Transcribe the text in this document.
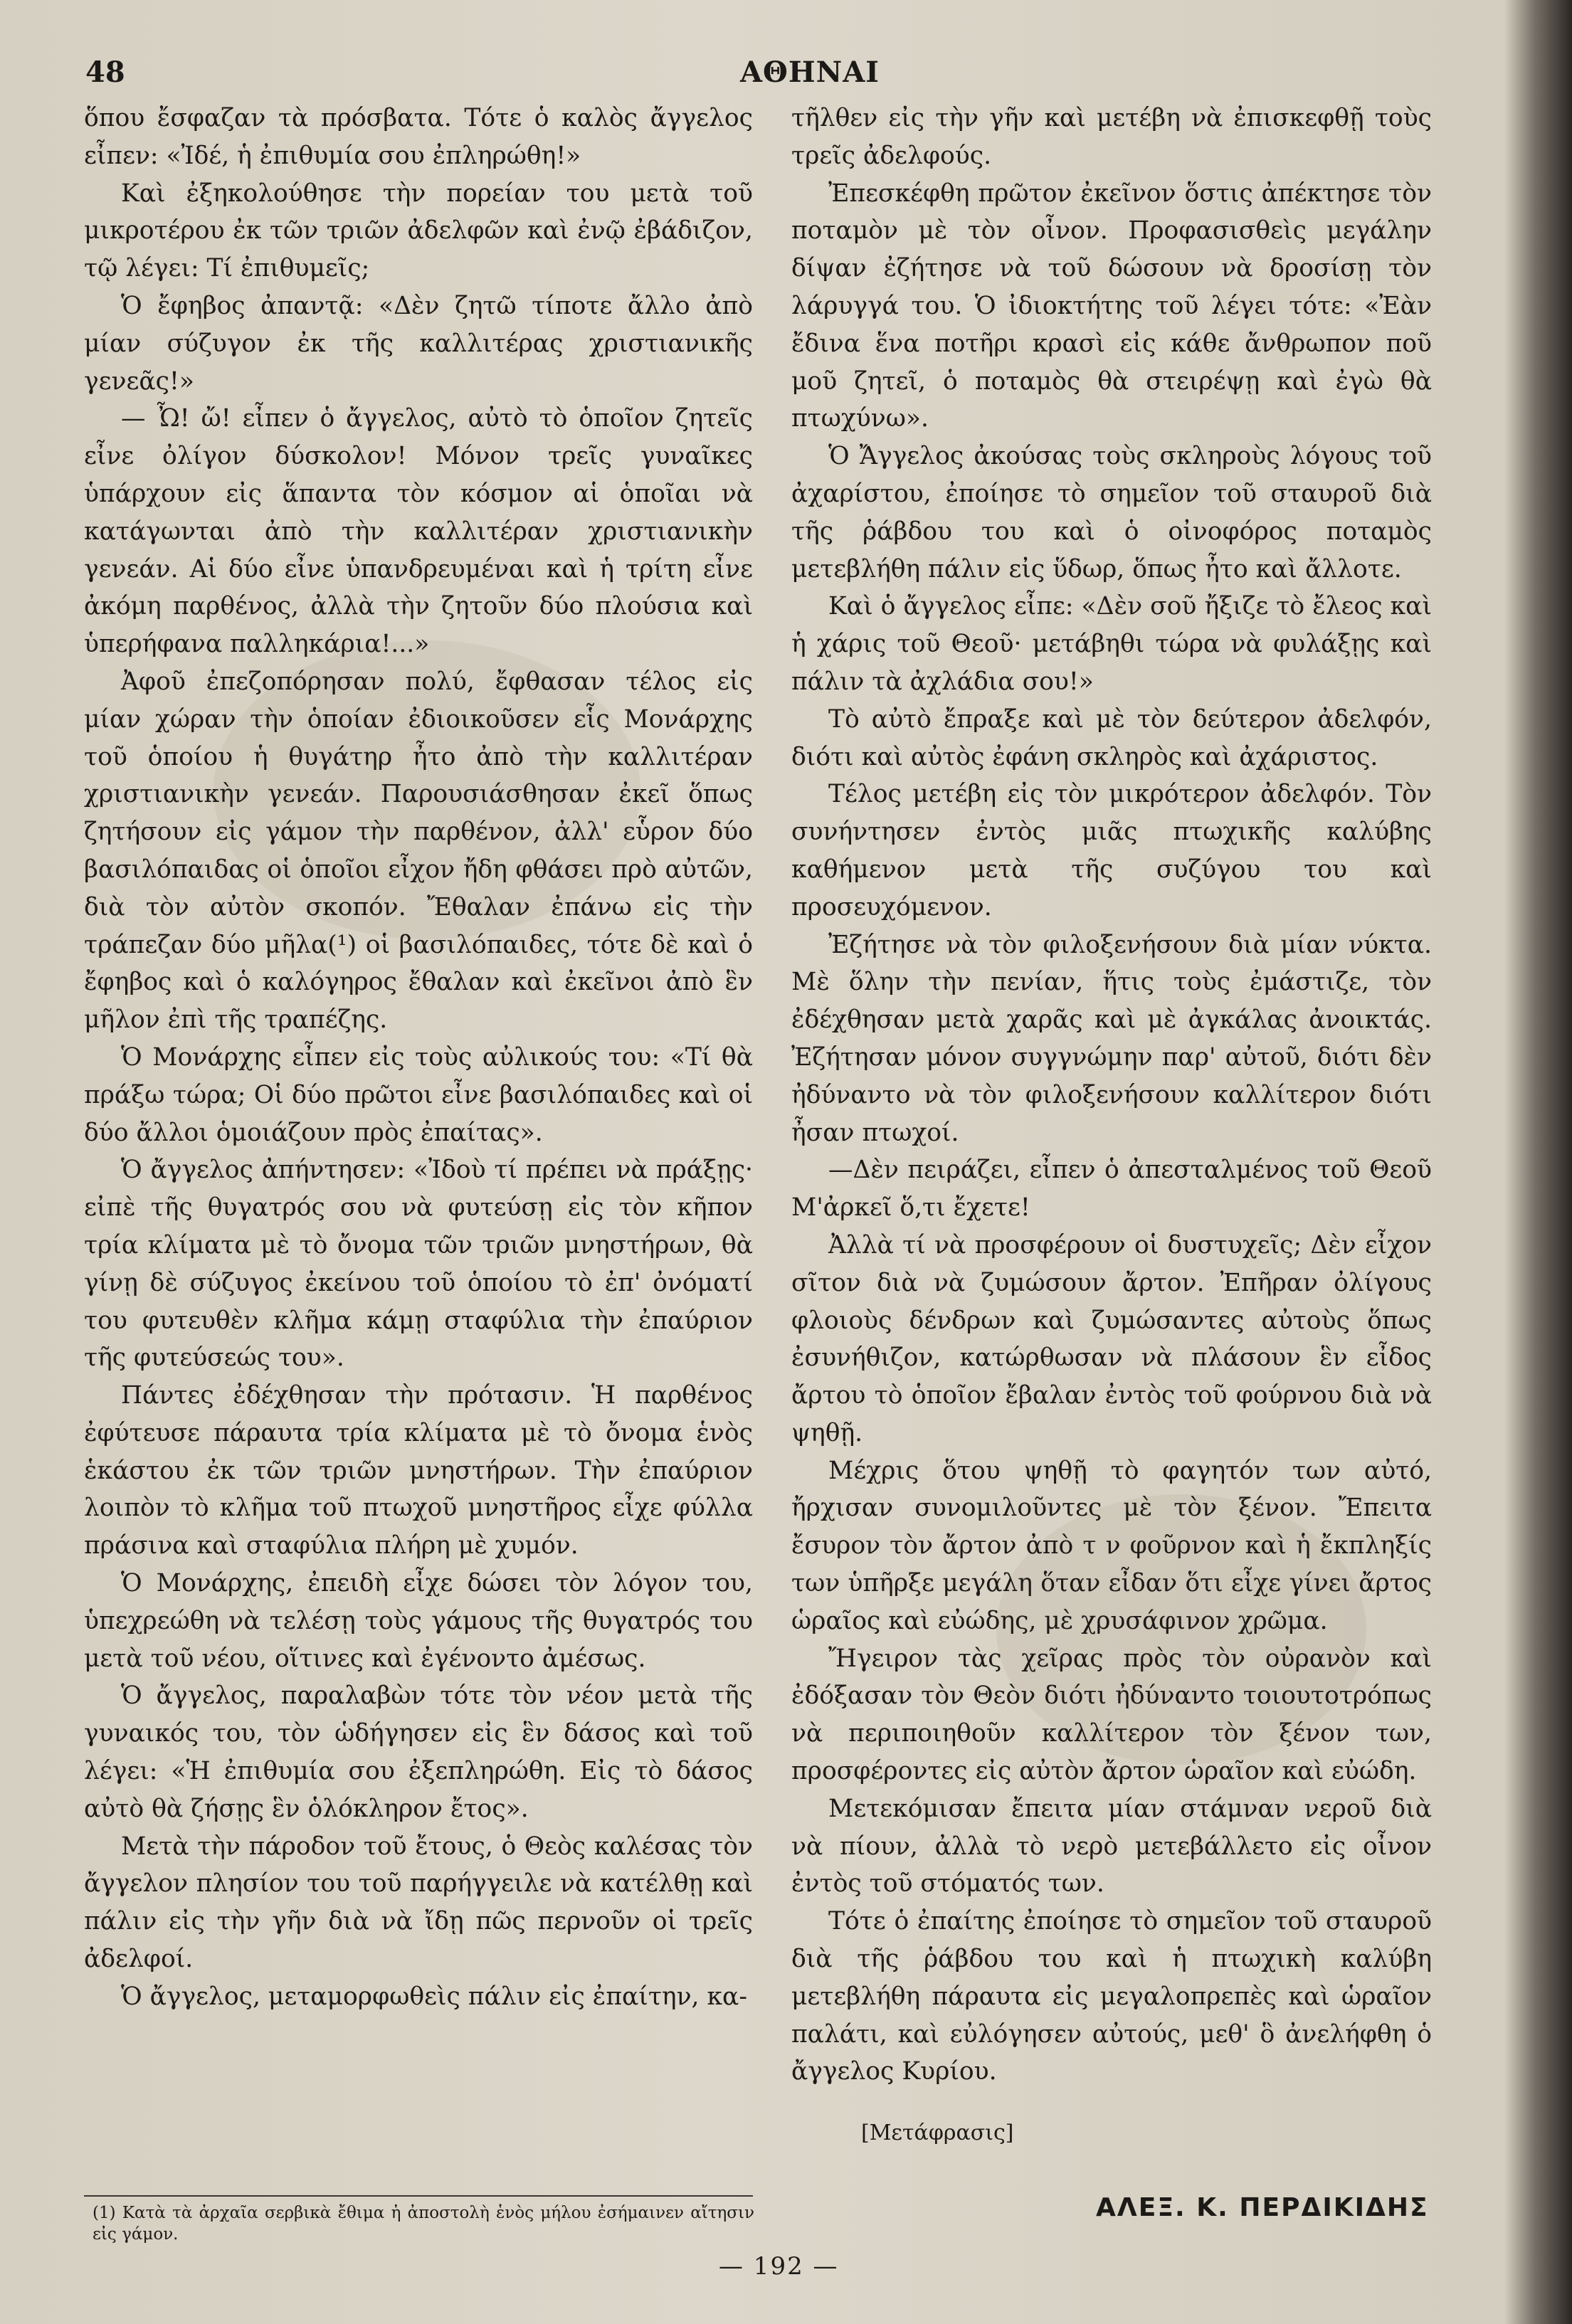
48	ΑΘΗΝΑΙ

ὅπου ἔσφαζαν τὰ πρόσβατα. Τότε ὁ καλὸς ἄγγελος εἶπεν: «Ἰδέ, ἡ ἐπιθυμία σου ἐπληρώθη!»

Καὶ ἐξηκολούθησε τὴν πορείαν του μετὰ τοῦ μικροτέρου ἐκ τῶν τριῶν ἀδελφῶν καὶ ἐνῷ ἐβάδιζον, τῷ λέγει: Τί ἐπιθυμεῖς;

Ὁ ἔφηβος ἀπαντᾷ: «Δὲν ζητῶ τίποτε ἄλλο ἀπὸ μίαν σύζυγον ἐκ τῆς καλλιτέρας χριστιανικῆς γενεᾶς!»

— Ὦ! ὤ! εἶπεν ὁ ἄγγελος, αὐτὸ τὸ ὁποῖον ζητεῖς εἶνε ὀλίγον δύσκολον! Μόνον τρεῖς γυναῖκες ὑπάρχουν εἰς ἅπαντα τὸν κόσμον αἱ ὁποῖαι νὰ κατάγωνται ἀπὸ τὴν καλλιτέραν χριστιανικὴν γενεάν. Αἱ δύο εἶνε ὑπανδρευμέναι καὶ ἡ τρίτη εἶνε ἀκόμη παρθένος, ἀλλὰ τὴν ζητοῦν δύο πλούσια καὶ ὑπερήφανα παλληκάρια!...»

Ἀφοῦ ἐπεζοπόρησαν πολύ, ἔφθασαν τέλος εἰς μίαν χώραν τὴν ὁποίαν ἐδιοικοῦσεν εἷς Μονάρχης τοῦ ὁποίου ἡ θυγάτηρ ἦτο ἀπὸ τὴν καλλιτέραν χριστιανικὴν γενεάν. Παρουσιάσθησαν ἐκεῖ ὅπως ζητήσουν εἰς γάμον τὴν παρθένον, ἀλλ' εὗρον δύο βασιλόπαιδας οἱ ὁποῖοι εἶχον ἤδη φθάσει πρὸ αὐτῶν, διὰ τὸν αὐτὸν σκοπόν. Ἔθαλαν ἐπάνω εἰς τὴν τράπεζαν δύο μῆλα(¹) οἱ βασιλόπαιδες, τότε δὲ καὶ ὁ ἔφηβος καὶ ὁ καλόγηρος ἔθαλαν καὶ ἐκεῖνοι ἀπὸ ἓν μῆλον ἐπὶ τῆς τραπέζης.

Ὁ Μονάρχης εἶπεν εἰς τοὺς αὐλικούς του: «Τί θὰ πράξω τώρα; Οἱ δύο πρῶτοι εἶνε βασιλόπαιδες καὶ οἱ δύο ἄλλοι ὁμοιάζουν πρὸς ἐπαίτας».

Ὁ ἄγγελος ἀπήντησεν: «Ἰδοὺ τί πρέπει νὰ πράξῃς· εἰπὲ τῆς θυγατρός σου νὰ φυτεύσῃ εἰς τὸν κῆπον τρία κλίματα μὲ τὸ ὄνομα τῶν τριῶν μνηστήρων, θὰ γίνῃ δὲ σύζυγος ἐκείνου τοῦ ὁποίου τὸ ἐπ' ὀνόματί του φυτευθὲν κλῆμα κάμῃ σταφύλια τὴν ἐπαύριον τῆς φυτεύσεώς του».

Πάντες ἐδέχθησαν τὴν πρότασιν. Ἡ παρθένος ἐφύτευσε πάραυτα τρία κλίματα μὲ τὸ ὄνομα ἑνὸς ἑκάστου ἐκ τῶν τριῶν μνηστήρων. Τὴν ἐπαύριον λοιπὸν τὸ κλῆμα τοῦ πτωχοῦ μνηστῆρος εἶχε φύλλα πράσινα καὶ σταφύλια πλήρη μὲ χυμόν.

Ὁ Μονάρχης, ἐπειδὴ εἶχε δώσει τὸν λόγον του, ὑπεχρεώθη νὰ τελέσῃ τοὺς γάμους τῆς θυγατρός του μετὰ τοῦ νέου, οἵτινες καὶ ἐγένοντο ἀμέσως.

Ὁ ἄγγελος, παραλαβὼν τότε τὸν νέον μετὰ τῆς γυναικός του, τὸν ὡδήγησεν εἰς ἓν δάσος καὶ τοῦ λέγει: «Ἡ ἐπιθυμία σου ἐξεπληρώθη. Εἰς τὸ δάσος αὐτὸ θὰ ζήσῃς ἓν ὁλόκληρον ἔτος».

Μετὰ τὴν πάροδον τοῦ ἔτους, ὁ Θεὸς καλέσας τὸν ἄγγελον πλησίον του τοῦ παρήγγειλε νὰ κατέλθῃ καὶ πάλιν εἰς τὴν γῆν διὰ νὰ ἴδῃ πῶς περνοῦν οἱ τρεῖς ἀδελφοί.

Ὁ ἄγγελος, μεταμορφωθεὶς πάλιν εἰς ἐπαίτην, κα-

τῆλθεν εἰς τὴν γῆν καὶ μετέβη νὰ ἐπισκεφθῇ τοὺς τρεῖς ἀδελφούς.

Ἐπεσκέφθη πρῶτον ἐκεῖνον ὅστις ἀπέκτησε τὸν ποταμὸν μὲ τὸν οἶνον. Προφασισθεὶς μεγάλην δίψαν ἐζήτησε νὰ τοῦ δώσουν νὰ δροσίσῃ τὸν λάρυγγά του. Ὁ ἰδιοκτήτης τοῦ λέγει τότε: «Ἐὰν ἔδινα ἕνα ποτῆρι κρασὶ εἰς κάθε ἄνθρωπον ποῦ μοῦ ζητεῖ, ὁ ποταμὸς θὰ στειρέψῃ καὶ ἐγὼ θὰ πτωχύνω».

Ὁ Ἄγγελος ἀκούσας τοὺς σκληροὺς λόγους τοῦ ἀχαρίστου, ἐποίησε τὸ σημεῖον τοῦ σταυροῦ διὰ τῆς ῥάβδου του καὶ ὁ οἰνοφόρος ποταμὸς μετεβλήθη πάλιν εἰς ὕδωρ, ὅπως ἦτο καὶ ἄλλοτε.

Καὶ ὁ ἄγγελος εἶπε: «Δὲν σοῦ ἤξιζε τὸ ἔλεος καὶ ἡ χάρις τοῦ Θεοῦ· μετάβηθι τώρα νὰ φυλάξῃς καὶ πάλιν τὰ ἀχλάδια σου!»

Τὸ αὐτὸ ἔπραξε καὶ μὲ τὸν δεύτερον ἀδελφόν, διότι καὶ αὐτὸς ἐφάνη σκληρὸς καὶ ἀχάριστος.

Τέλος μετέβη εἰς τὸν μικρότερον ἀδελφόν. Τὸν συνήντησεν ἐντὸς μιᾶς πτωχικῆς καλύβης καθήμενον μετὰ τῆς συζύγου του καὶ προσευχόμενον.

Ἐζήτησε νὰ τὸν φιλοξενήσουν διὰ μίαν νύκτα. Μὲ ὅλην τὴν πενίαν, ἥτις τοὺς ἐμάστιζε, τὸν ἐδέχθησαν μετὰ χαρᾶς καὶ μὲ ἀγκάλας ἀνοικτάς. Ἐζήτησαν μόνον συγγνώμην παρ' αὐτοῦ, διότι δὲν ἠδύναντο νὰ τὸν φιλοξενήσουν καλλίτερον διότι ἦσαν πτωχοί.

—Δὲν πειράζει, εἶπεν ὁ ἀπεσταλμένος τοῦ Θεοῦ Μ'ἀρκεῖ ὅ,τι ἔχετε!

Ἀλλὰ τί νὰ προσφέρουν οἱ δυστυχεῖς; Δὲν εἶχον σῖτον διὰ νὰ ζυμώσουν ἄρτον. Ἐπῆραν ὀλίγους φλοιοὺς δένδρων καὶ ζυμώσαντες αὐτοὺς ὅπως ἐσυνήθιζον, κατώρθωσαν νὰ πλάσουν ἓν εἶδος ἄρτου τὸ ὁποῖον ἔβαλαν ἐντὸς τοῦ φούρνου διὰ νὰ ψηθῇ.

Μέχρις ὅτου ψηθῇ τὸ φαγητόν των αὐτό, ἤρχισαν συνομιλοῦντες μὲ τὸν ξένον. Ἔπειτα ἔσυρον τὸν ἄρτον ἀπὸ τ ν φοῦρνον καὶ ἡ ἔκπληξίς των ὑπῆρξε μεγάλη ὅταν εἶδαν ὅτι εἶχε γίνει ἄρτος ὡραῖος καὶ εὐώδης, μὲ χρυσάφινον χρῶμα.

Ἤγειρον τὰς χεῖρας πρὸς τὸν οὐρανὸν καὶ ἐδόξασαν τὸν Θεὸν διότι ἠδύναντο τοιουτοτρόπως νὰ περιποιηθοῦν καλλίτερον τὸν ξένον των, προσφέροντες εἰς αὐτὸν ἄρτον ὡραῖον καὶ εὐώδη.

Μετεκόμισαν ἔπειτα μίαν στάμναν νεροῦ διὰ νὰ πίουν, ἀλλὰ τὸ νερὸ μετεβάλλετο εἰς οἶνον ἐντὸς τοῦ στόματός των.

Τότε ὁ ἐπαίτης ἐποίησε τὸ σημεῖον τοῦ σταυροῦ διὰ τῆς ῥάβδου του καὶ ἡ πτωχικὴ καλύβη μετεβλήθη πάραυτα εἰς μεγαλοπρεπὲς καὶ ὡραῖον παλάτι, καὶ εὐλόγησεν αὐτούς, μεθ' ὃ ἀνελήφθη ὁ ἄγγελος Κυρίου.

[Μετάφρασις]
ΑΛΕΞ. Κ. ΠΕΡΔΙΚΙΔΗΣ
(1) Κατὰ τὰ ἀρχαῖα σερβικὰ ἔθιμα ἡ ἀποστολὴ ἑνὸς μήλου ἐσήμαινεν αἴτησιν εἰς γάμον.
— 192 —
